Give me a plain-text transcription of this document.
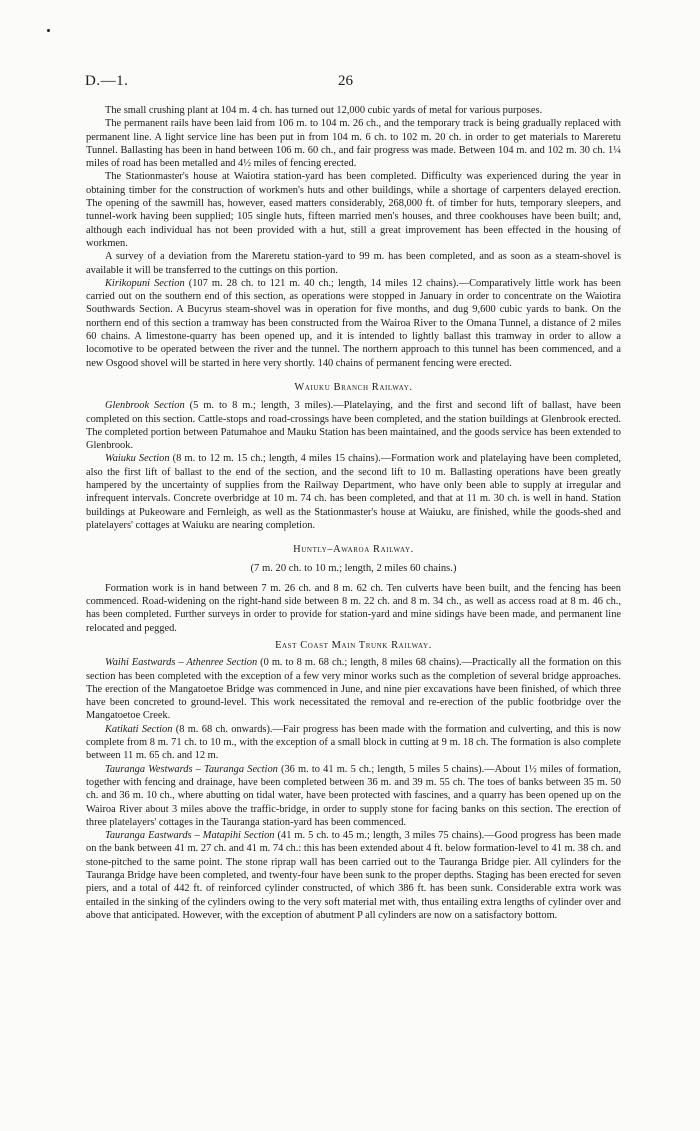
D.—1.	26

The small crushing plant at 104 m. 4 ch. has turned out 12,000 cubic yards of metal for various purposes.

The permanent rails have been laid from 106 m. to 104 m. 26 ch., and the temporary track is being gradually replaced with permanent line. A light service line has been put in from 104 m. 6 ch. to 102 m. 20 ch. in order to get materials to Mareretu Tunnel. Ballasting has been in hand between 106 m. 60 ch., and fair progress was made. Between 104 m. and 102 m. 30 ch. 1¼ miles of road has been metalled and 4½ miles of fencing erected.

The Stationmaster's house at Waiotira station-yard has been completed. Difficulty was experienced during the year in obtaining timber for the construction of workmen's huts and other buildings, while a shortage of carpenters delayed erection. The opening of the sawmill has, however, eased matters considerably, 268,000 ft. of timber for huts, temporary sleepers, and tunnel-work having been supplied; 105 single huts, fifteen married men's houses, and three cookhouses have been built; and, although each individual has not been provided with a hut, still a great improvement has been effected in the housing of workmen.

A survey of a deviation from the Mareretu station-yard to 99 m. has been completed, and as soon as a steam-shovel is available it will be transferred to the cuttings on this portion.

Kirikopuni Section (107 m. 28 ch. to 121 m. 40 ch.; length, 14 miles 12 chains).—Comparatively little work has been carried out on the southern end of this section, as operations were stopped in January in order to concentrate on the Waiotira Southwards Section. A Bucyrus steam-shovel was in operation for five months, and dug 9,600 cubic yards to bank. On the northern end of this section a tramway has been constructed from the Wairoa River to the Omana Tunnel, a distance of 2 miles 60 chains. A limestone-quarry has been opened up, and it is intended to lightly ballast this tramway in order to allow a locomotive to be operated between the river and the tunnel. The northern approach to this tunnel has been commenced, and a new Osgood shovel will be started in here very shortly. 140 chains of permanent fencing were erected.

Waiuku Branch Railway.

Glenbrook Section (5 m. to 8 m.; length, 3 miles).—Platelaying, and the first and second lift of ballast, have been completed on this section. Cattle-stops and road-crossings have been completed, and the station buildings at Glenbrook erected. The completed portion between Patumahoe and Mauku Station has been maintained, and the goods service has been extended to Glenbrook.

Waiuku Section (8 m. to 12 m. 15 ch.; length, 4 miles 15 chains).—Formation work and platelaying have been completed, also the first lift of ballast to the end of the section, and the second lift to 10 m. Ballasting operations have been greatly hampered by the uncertainty of supplies from the Railway Department, who have only been able to supply at irregular and infrequent intervals. Concrete overbridge at 10 m. 74 ch. has been completed, and that at 11 m. 30 ch. is well in hand. Station buildings at Pukeoware and Fernleigh, as well as the Stationmaster's house at Waiuku, are finished, while the goods-shed and platelayers' cottages at Waiuku are nearing completion.

Huntly–Awaroa Railway.
(7 m. 20 ch. to 10 m.; length, 2 miles 60 chains.)

Formation work is in hand between 7 m. 26 ch. and 8 m. 62 ch. Ten culverts have been built, and the fencing has been commenced. Road-widening on the right-hand side between 8 m. 22 ch. and 8 m. 34 ch., as well as access road at 8 m. 46 ch., has been completed. Further surveys in order to provide for station-yard and mine sidings have been made, and permanent line relocated and pegged.

East Coast Main Trunk Railway.

Waihi Eastwards – Athenree Section (0 m. to 8 m. 68 ch.; length, 8 miles 68 chains).—Practically all the formation on this section has been completed with the exception of a few very minor works such as the completion of several bridge approaches. The erection of the Mangatoetoe Bridge was commenced in June, and nine pier excavations have been finished, of which three have been concreted to ground-level. This work necessitated the removal and re-erection of the public footbridge over the Mangatoetoe Creek.

Katikati Section (8 m. 68 ch. onwards).—Fair progress has been made with the formation and culverting, and this is now complete from 8 m. 71 ch. to 10 m., with the exception of a small block in cutting at 9 m. 18 ch. The formation is also complete between 11 m. 65 ch. and 12 m.

Tauranga Westwards – Tauranga Section (36 m. to 41 m. 5 ch.; length, 5 miles 5 chains).—About 1½ miles of formation, together with fencing and drainage, have been completed between 36 m. and 39 m. 55 ch. The toes of banks between 35 m. 50 ch. and 36 m. 10 ch., where abutting on tidal water, have been protected with fascines, and a quarry has been opened up on the Wairoa River about 3 miles above the traffic-bridge, in order to supply stone for facing banks on this section. The erection of three platelayers' cottages in the Tauranga station-yard has been commenced.

Tauranga Eastwards – Matapihi Section (41 m. 5 ch. to 45 m.; length, 3 miles 75 chains).—Good progress has been made on the bank between 41 m. 27 ch. and 41 m. 74 ch.: this has been extended about 4 ft. below formation-level to 41 m. 38 ch. and stone-pitched to the same point. The stone riprap wall has been carried out to the Tauranga Bridge pier. All cylinders for the Tauranga Bridge have been completed, and twenty-four have been sunk to the proper depths. Staging has been erected for seven piers, and a total of 442 ft. of reinforced cylinder constructed, of which 386 ft. has been sunk. Considerable extra work was entailed in the sinking of the cylinders owing to the very soft material met with, thus entailing extra lengths of cylinder over and above that anticipated. However, with the exception of abutment P all cylinders are now on a satisfactory bottom.
